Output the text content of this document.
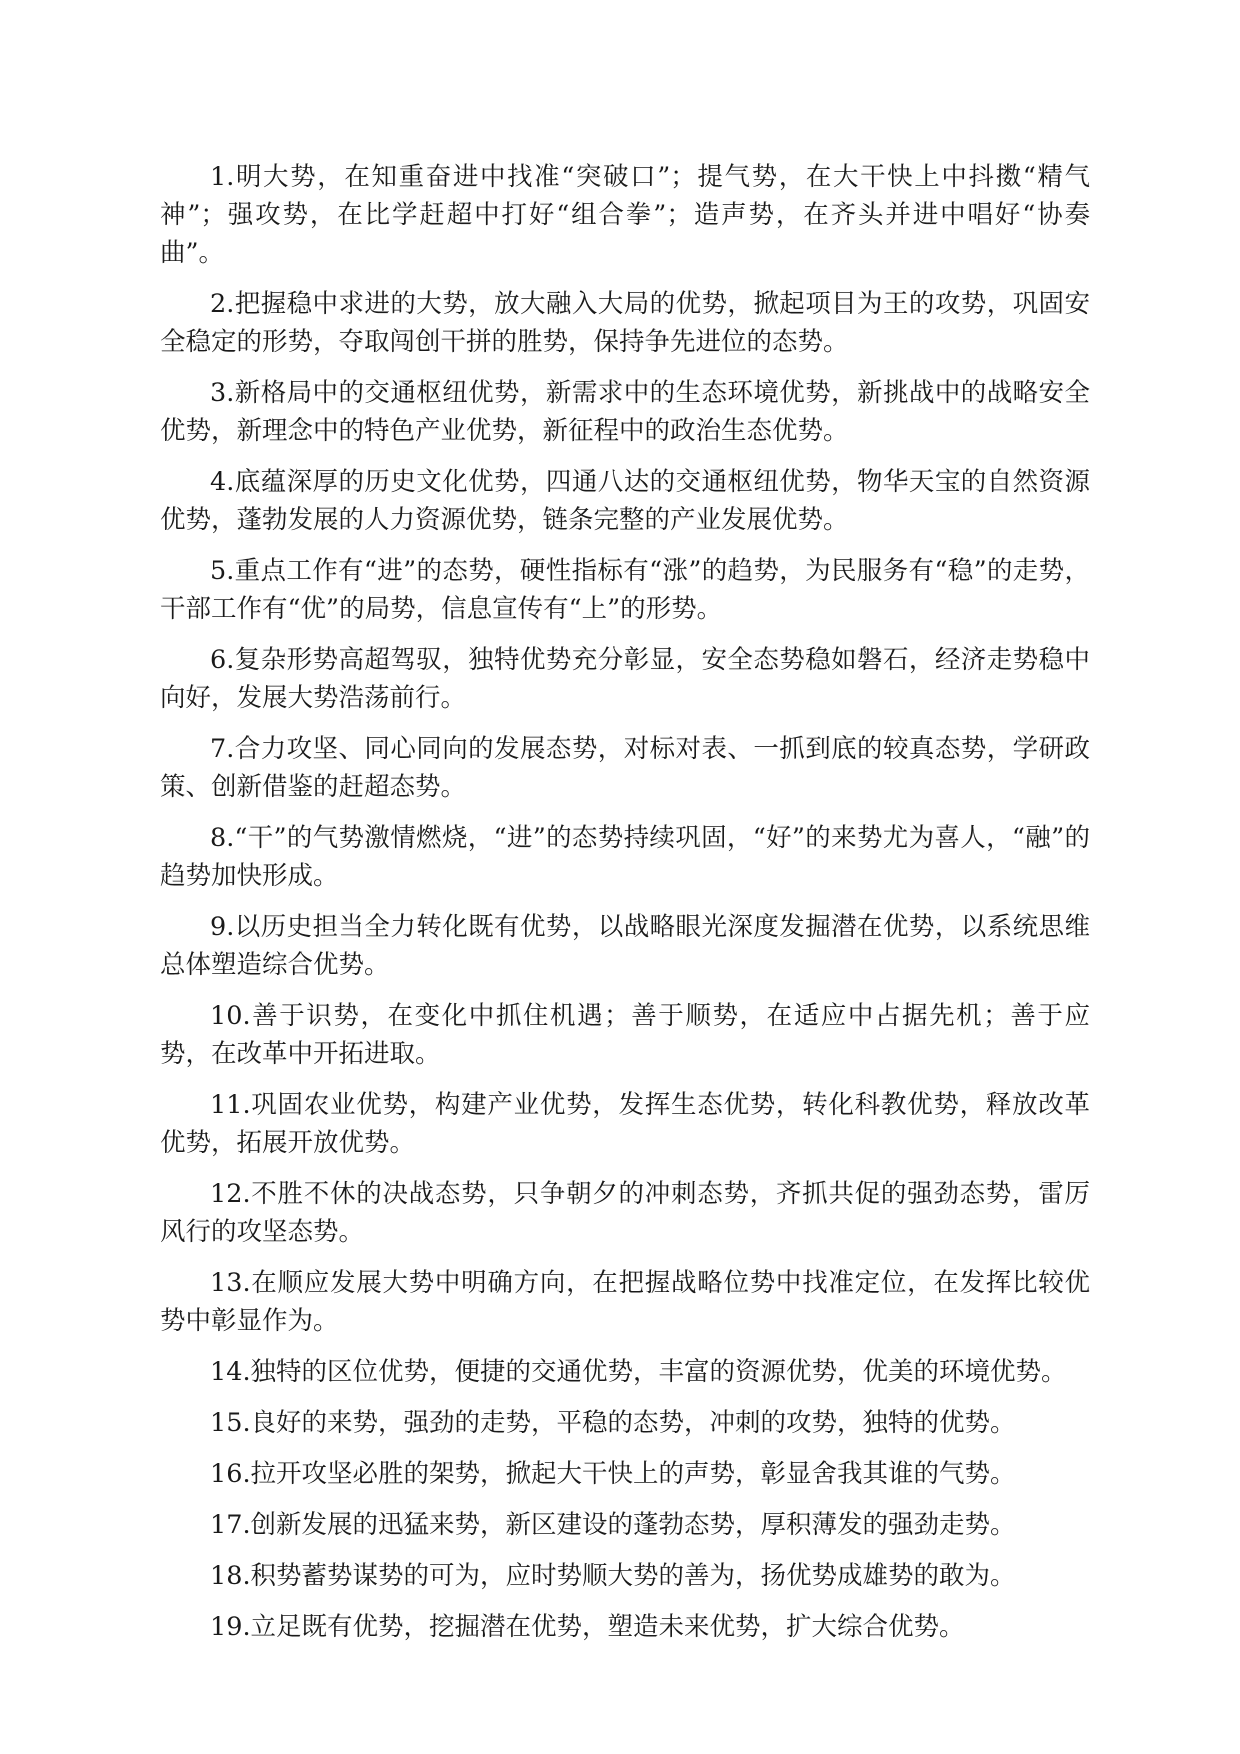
1.明大势，在知重奋进中找准“突破口”；提气势，在大干快上中抖擞“精气神”；强攻势，在比学赶超中打好“组合拳”；造声势，在齐头并进中唱好“协奏曲”。

2.把握稳中求进的大势，放大融入大局的优势，掀起项目为王的攻势，巩固安全稳定的形势，夺取闯创干拼的胜势，保持争先进位的态势。

3.新格局中的交通枢纽优势，新需求中的生态环境优势，新挑战中的战略安全优势，新理念中的特色产业优势，新征程中的政治生态优势。

4.底蕴深厚的历史文化优势，四通八达的交通枢纽优势，物华天宝的自然资源优势，蓬勃发展的人力资源优势，链条完整的产业发展优势。

5.重点工作有“进”的态势，硬性指标有“涨”的趋势，为民服务有“稳”的走势，干部工作有“优”的局势，信息宣传有“上”的形势。

6.复杂形势高超驾驭，独特优势充分彰显，安全态势稳如磐石，经济走势稳中向好，发展大势浩荡前行。

7.合力攻坚、同心同向的发展态势，对标对表、一抓到底的较真态势，学研政策、创新借鉴的赶超态势。

8.“干”的气势激情燃烧，“进”的态势持续巩固，“好”的来势尤为喜人，“融”的趋势加快形成。

9.以历史担当全力转化既有优势，以战略眼光深度发掘潜在优势，以系统思维总体塑造综合优势。

10.善于识势，在变化中抓住机遇；善于顺势，在适应中占据先机；善于应势，在改革中开拓进取。

11.巩固农业优势，构建产业优势，发挥生态优势，转化科教优势，释放改革优势，拓展开放优势。

12.不胜不休的决战态势，只争朝夕的冲刺态势，齐抓共促的强劲态势，雷厉风行的攻坚态势。

13.在顺应发展大势中明确方向，在把握战略位势中找准定位，在发挥比较优势中彰显作为。

14.独特的区位优势，便捷的交通优势，丰富的资源优势，优美的环境优势。

15.良好的来势，强劲的走势，平稳的态势，冲刺的攻势，独特的优势。

16.拉开攻坚必胜的架势，掀起大干快上的声势，彰显舍我其谁的气势。

17.创新发展的迅猛来势，新区建设的蓬勃态势，厚积薄发的强劲走势。

18.积势蓄势谋势的可为，应时势顺大势的善为，扬优势成雄势的敢为。

19.立足既有优势，挖掘潜在优势，塑造未来优势，扩大综合优势。
